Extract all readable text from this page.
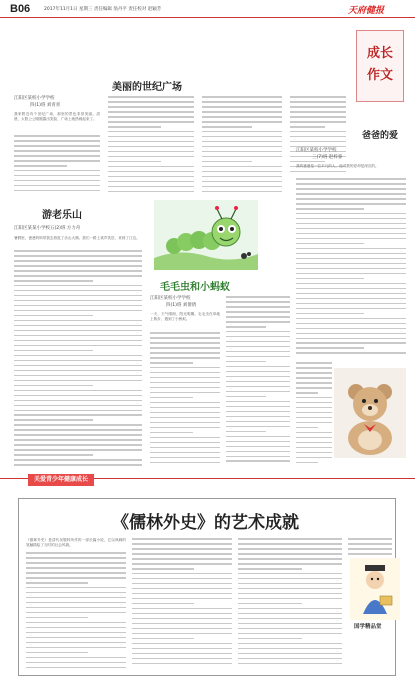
B06	2017年11月1日 星期三 责任编辑 翁丹平 责任校对 赵颖芳	天府健报
成长
作文
美丽的世纪广场
江阳区某校小学学校
四(1)班 刘青青
我家附近有个世纪广场，那里的景色非常美丽。清晨，太阳公公刚刚露出笑脸，广场上就热闹起来了。
爸爸的爱
江阳区某校小学学校
三(7)班 赵梓睿
我的爸爸是一位平凡的人，他对我的爱却是深沉的。
游老乐山
江阳区某某小学校五(2)班 方力舟
暑假里，爸爸妈妈带我去游览了乐山大佛。我们一路上欢声笑语，来到了江边。
毛毛虫和小蚂蚁
江阳区某校小学学校
四(1)班 刘倩倩
一天，天气晴朗，阳光明媚。毛毛虫在草地上散步，遇到了小蚂蚁。
关爱青少年健康成长
《儒林外史》的艺术成就
《儒林外史》是清代吴敬梓所作的一部长篇小说，它以讽刺的笔触描绘了当时的社会风貌。
国学精品堂
